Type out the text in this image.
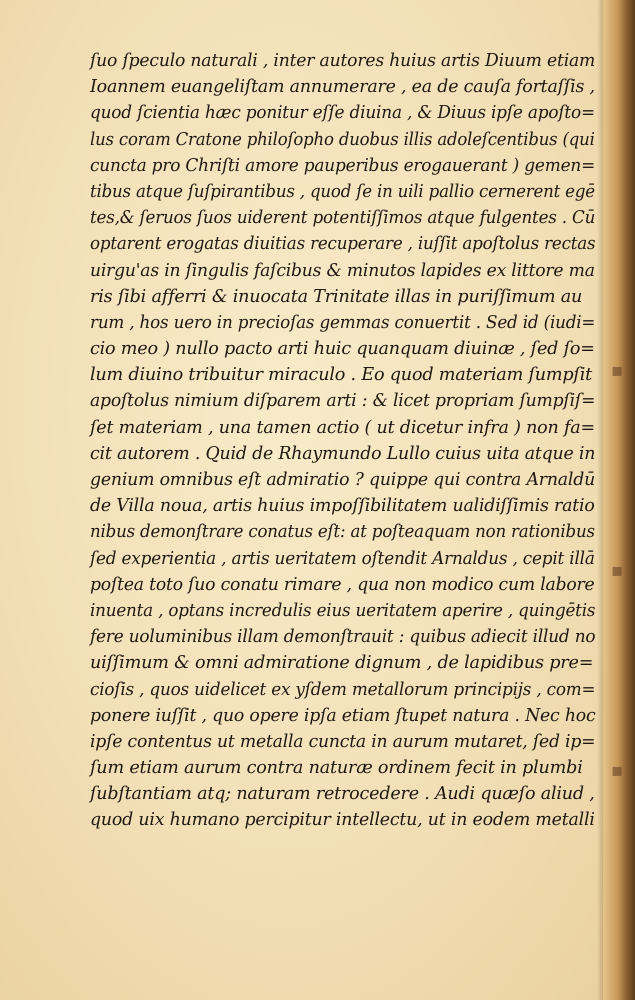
▪
▪
▪
ſuo ſpeculo naturali , inter autores huius artis Diuum etiam
Ioannem euangeliſtam annumerare , ea de cauſa fortaſſis ,
quod ſcientia hæc ponitur eſſe diuina , & Diuus ipſe apoſto=
lus coram Cratone philoſopho duobus illis adoleſcentibus (qui
cuncta pro Chriſti amore pauperibus erogauerant ) gemen=
tibus atque ſuſpirantibus , quod ſe in uili pallio cernerent egē
tes,& ſeruos ſuos uiderent potentiſſimos atque fulgentes . Cū
optarent erogatas diuitias recuperare , iuſſit apoſtolus rectas
uirgu'as in ſingulis faſcibus & minutos lapides ex littore ma
ris ſibi afferri & inuocata Trinitate illas in puriſſimum au
rum , hos uero in precioſas gemmas conuertit . Sed id (iudi=
cio meo ) nullo pacto arti huic quanquam diuinæ , ſed ſo=
lum diuino tribuitur miraculo . Eo quod materiam ſumpſit
apoſtolus nimium diſparem arti : & licet propriam ſumpſiſ=
ſet materiam , una tamen actio ( ut dicetur infra ) non fa=
cit autorem . Quid de Rhaymundo Lullo cuius uita atque in
genium omnibus eſt admiratio ? quippe qui contra Arnaldū
de Villa noua, artis huius impoſſibilitatem ualidiſſimis ratio
nibus demonſtrare conatus eſt: at poſteaquam non rationibus
ſed experientia , artis ueritatem oſtendit Arnaldus , cepit illā
poſtea toto ſuo conatu rimare , qua non modico cum labore
inuenta , optans incredulis eius ueritatem aperire , quingētis
fere uoluminibus illam demonſtrauit : quibus adiecit illud no
uiſſimum & omni admiratione dignum , de lapidibus pre=
cioſis , quos uidelicet ex yſdem metallorum principijs , com=
ponere iuſſit , quo opere ipſa etiam ſtupet natura . Nec hoc
ipſe contentus ut metalla cuncta in aurum mutaret, ſed ip=
ſum etiam aurum contra naturæ ordinem fecit in plumbi
ſubſtantiam atq; naturam retrocedere . Audi quæſo aliud ,
quod uix humano percipitur intellectu, ut in eodem metalli
